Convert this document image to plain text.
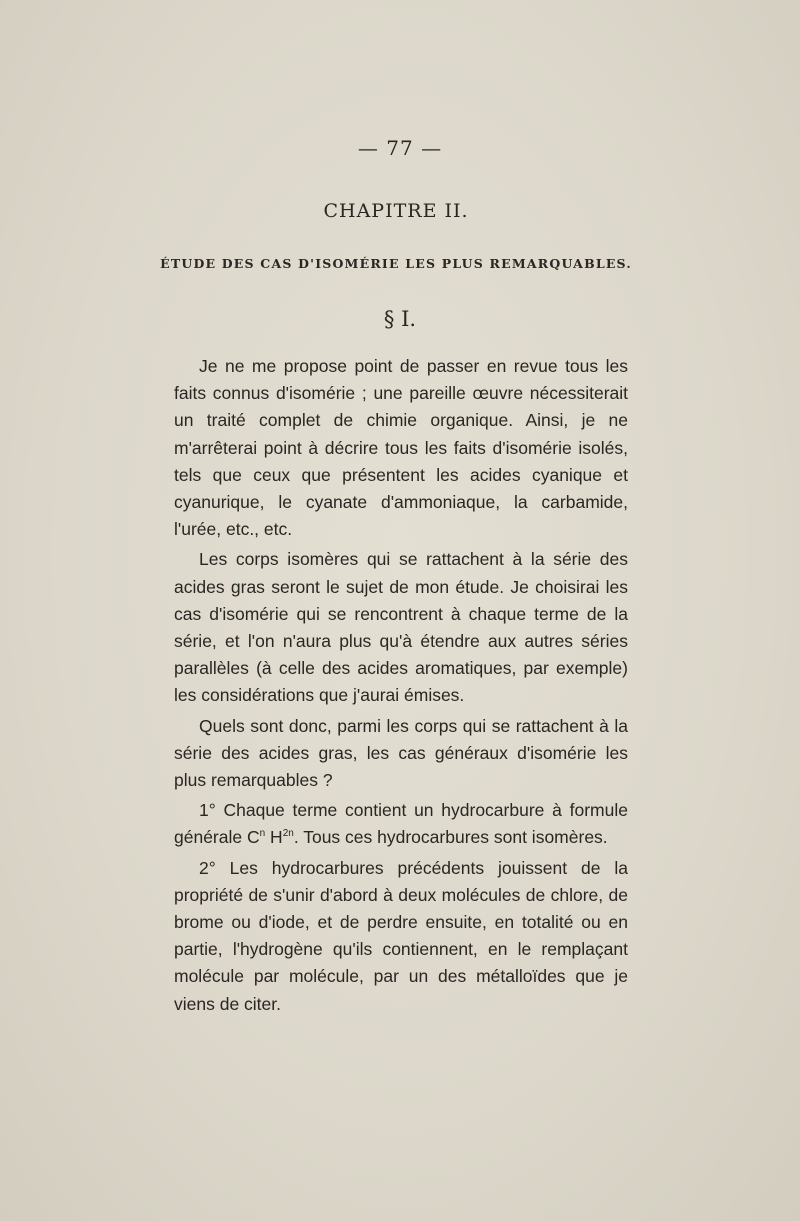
— 77 —
CHAPITRE II.
ÉTUDE DES CAS D'ISOMÉRIE LES PLUS REMARQUABLES.
§ I.

Je ne me propose point de passer en revue tous les faits connus d'isomérie ; une pareille œuvre nécessiterait un traité complet de chimie organique. Ainsi, je ne m'arrêterai point à décrire tous les faits d'isomérie isolés, tels que ceux que présentent les acides cyanique et cyanurique, le cyanate d'ammoniaque, la carbamide, l'urée, etc., etc.

Les corps isomères qui se rattachent à la série des acides gras seront le sujet de mon étude. Je choisirai les cas d'isomérie qui se rencontrent à chaque terme de la série, et l'on n'aura plus qu'à étendre aux autres séries parallèles (à celle des acides aromatiques, par exemple) les considérations que j'aurai émises.

Quels sont donc, parmi les corps qui se rattachent à la série des acides gras, les cas généraux d'isomérie les plus remarquables ?

1° Chaque terme contient un hydrocarbure à formule générale $C^n$ $H^{2n}$. Tous ces hydrocarbures sont isomères.

2° Les hydrocarbures précédents jouissent de la propriété de s'unir d'abord à deux molécules de chlore, de brome ou d'iode, et de perdre ensuite, en totalité ou en partie, l'hydrogène qu'ils contiennent, en le remplaçant molécule par molécule, par un des métalloïdes que je viens de citer.
